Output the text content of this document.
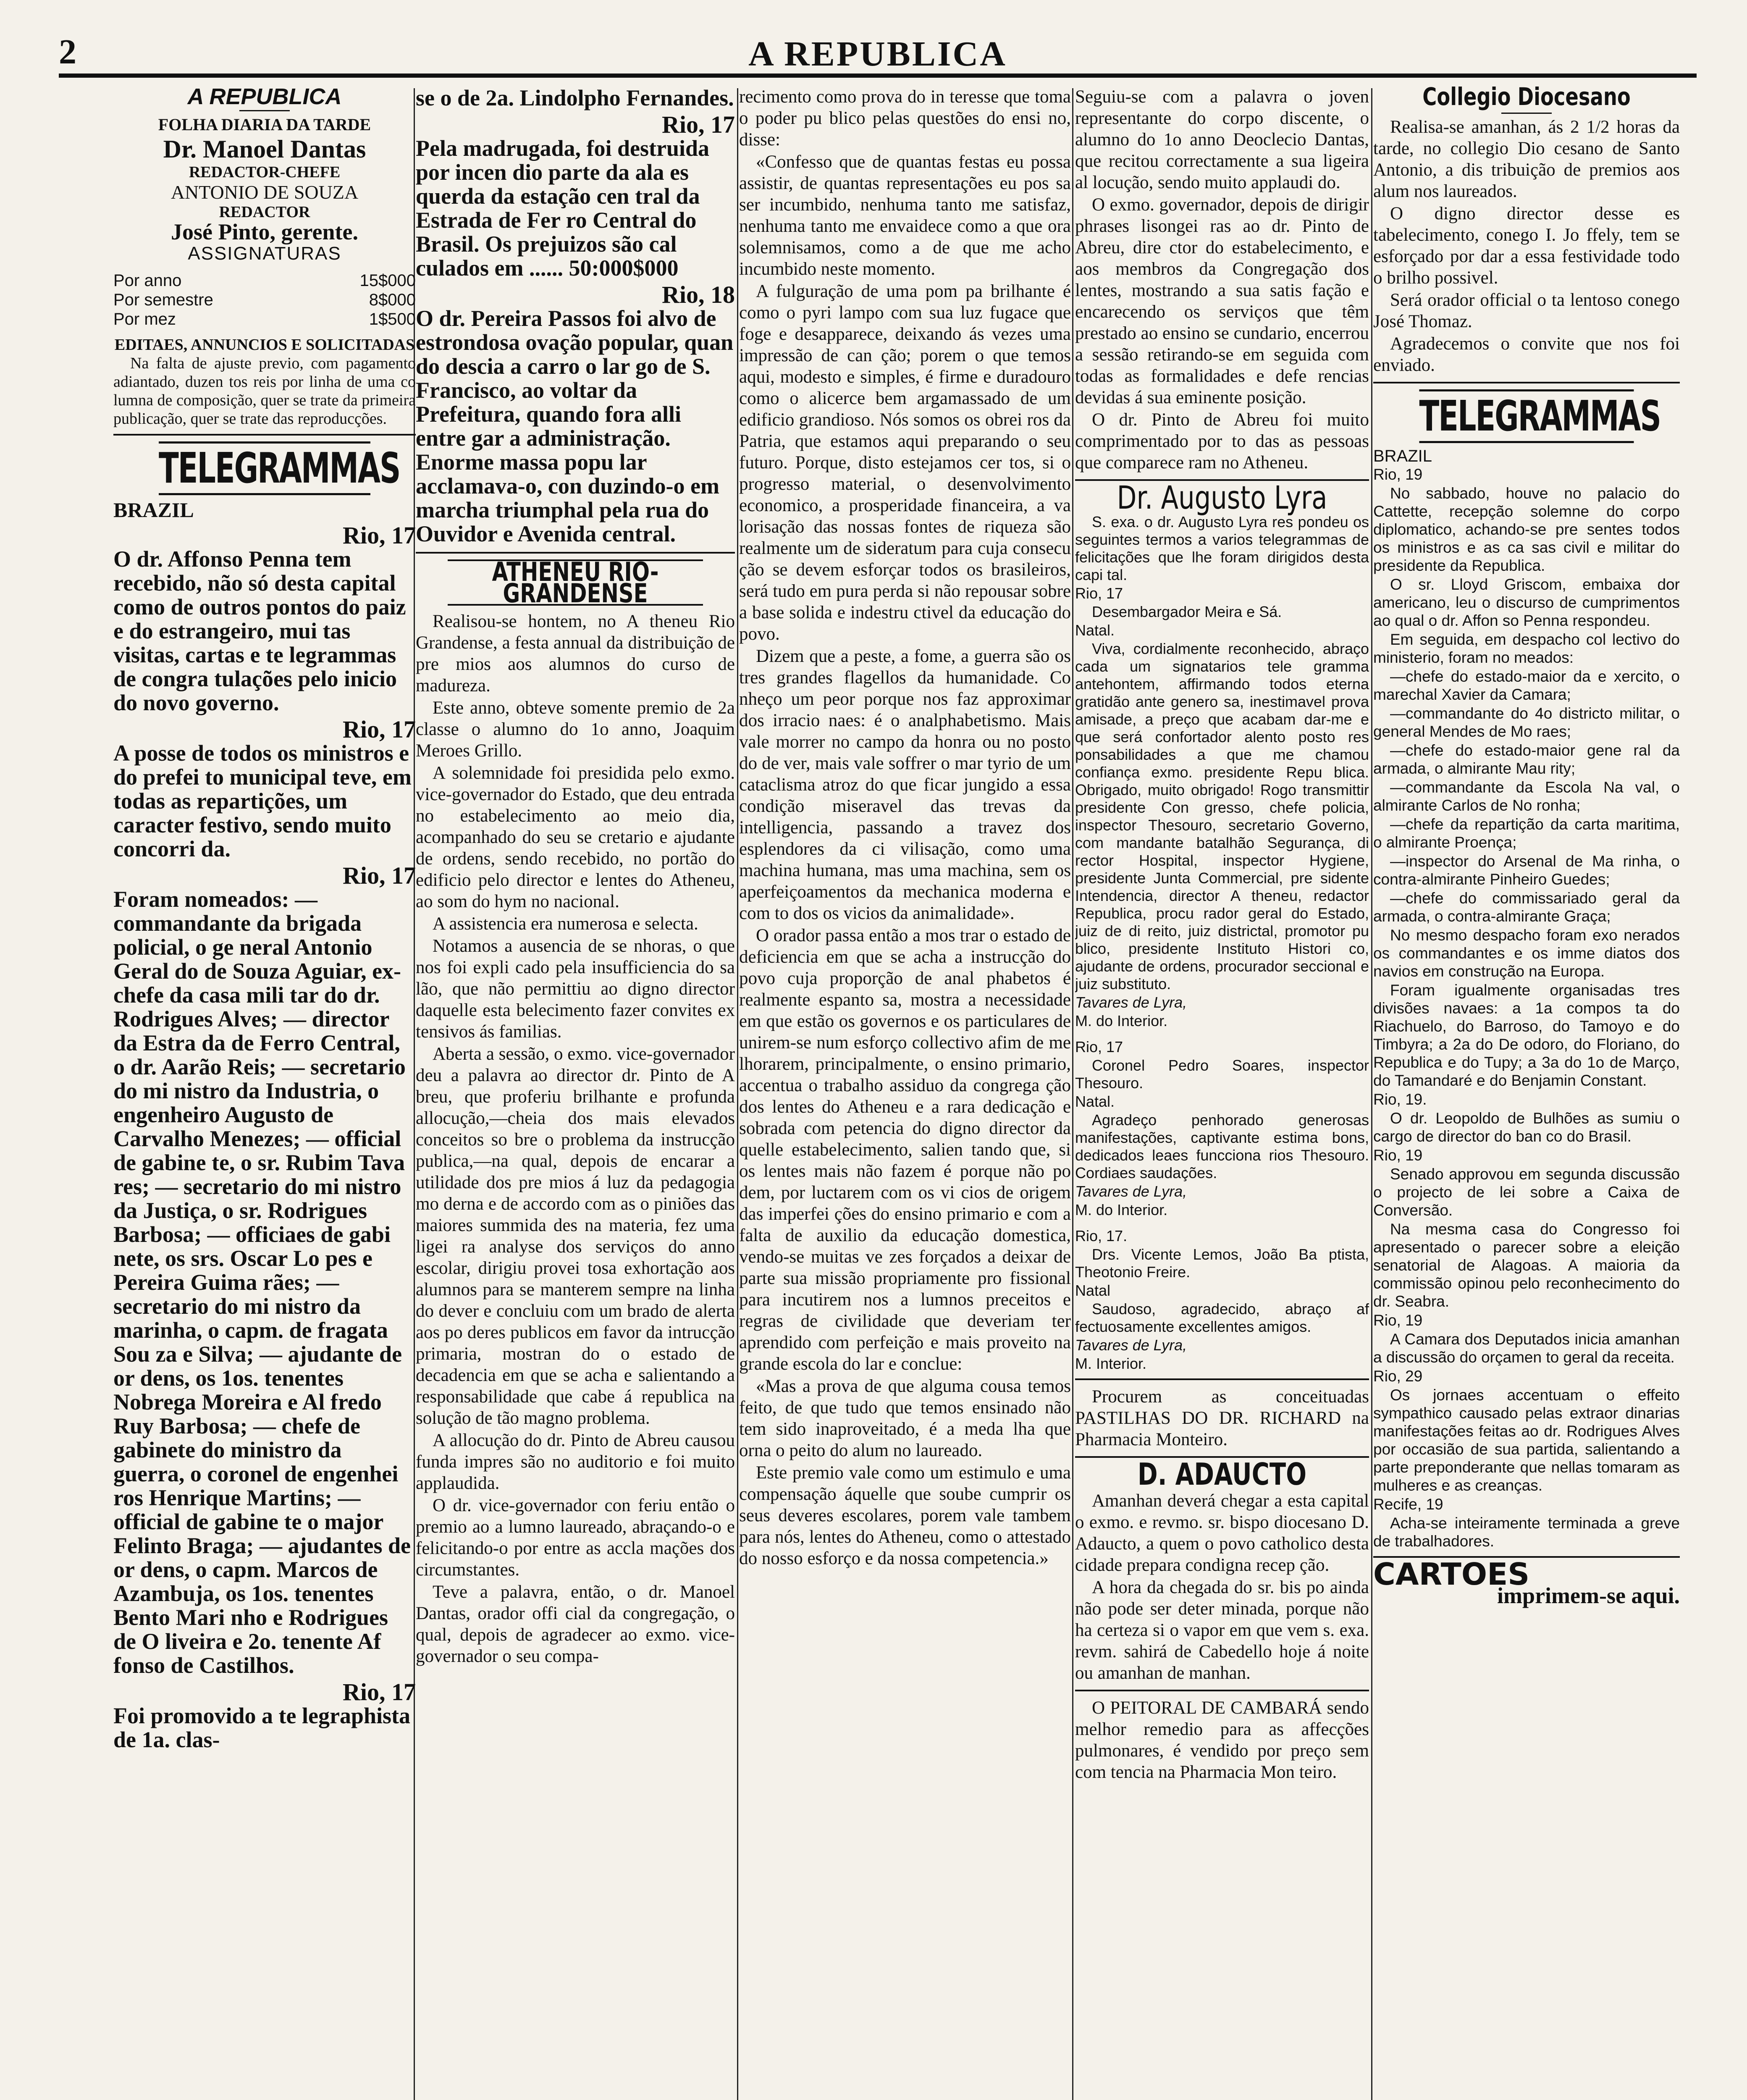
2	A REPUBLICA
A REPUBLICA
FOLHA DIARIA DA TARDE
Dr. Manoel Dantas
REDACTOR-CHEFE
ANTONIO DE SOUZA
REDACTOR
José Pinto, gerente.
ASSIGNATURAS
Por anno	15$000
Por semestre	8$000
Por mez	1$500
EDITAES, ANNUNCIOS E SOLICITADAS

Na falta de ajuste previo, com pagamento adiantado, duzen tos reis por linha de uma co lumna de composição, quer se trate da primeira publicação, quer se trate das reproducções.

TELEGRAMMAS
BRAZIL
Rio, 17

O dr. Affonso Penna tem recebido, não só desta capital como de outros pontos do paiz e do estrangeiro, mui tas visitas, cartas e te legrammas de congra tulações pelo inicio do novo governo.

Rio, 17

A posse de todos os ministros e do prefei to municipal teve, em todas as repartições, um caracter festivo, sendo muito concorri da.

Rio, 17

Foram nomeados: — commandante da brigada policial, o ge neral Antonio Geral do de Souza Aguiar, ex-chefe da casa mili tar do dr. Rodrigues Alves; — director da Estra da de Ferro Central, o dr. Aarão Reis; — secretario do mi nistro da Industria, o engenheiro Augusto de Carvalho Menezes; — official de gabine te, o sr. Rubim Tava res; — secretario do mi nistro da Justiça, o sr. Rodrigues Barbosa; — officiaes de gabi nete, os srs. Oscar Lo pes e Pereira Guima rães; — secretario do mi nistro da marinha, o capm. de fragata Sou za e Silva; — ajudante de or dens, os 1os. tenentes Nobrega Moreira e Al fredo Ruy Barbosa; — chefe de gabinete do ministro da guerra, o coronel de engenhei ros Henrique Martins; — official de gabine te o major Felinto Braga; — ajudantes de or dens, o capm. Marcos de Azambuja, os 1os. tenentes Bento Mari nho e Rodrigues de O liveira e 2o. tenente Af fonso de Castilhos.

Rio, 17

Foi promovido a te legraphista de 1a. clas-

se o de 2a. Lindolpho Fernandes.

Rio, 17

Pela madrugada, foi destruida por incen dio parte da ala es querda da estação cen tral da Estrada de Fer ro Central do Brasil. Os prejuizos são cal culados em ...... 50:000$000

Rio, 18

O dr. Pereira Passos foi alvo de estrondosa ovação popular, quan do descia a carro o lar go de S. Francisco, ao voltar da Prefeitura, quando fora alli entre gar a administração. Enorme massa popu lar acclamava-o, con duzindo-o em marcha triumphal pela rua do Ouvidor e Avenida central.

ATHENEU RIO-GRANDENSE

Realisou-se hontem, no A theneu Rio Grandense, a festa annual da distribuição de pre mios aos alumnos do curso de madureza.

Este anno, obteve somente premio de 2a classe o alumno do 1o anno, Joaquim Meroes Grillo.

A solemnidade foi presidida pelo exmo. vice-governador do Estado, que deu entrada no estabelecimento ao meio dia, acompanhado do seu se cretario e ajudante de ordens, sendo recebido, no portão do edificio pelo director e lentes do Atheneu, ao som do hym no nacional.

A assistencia era numerosa e selecta.

Notamos a ausencia de se nhoras, o que nos foi expli cado pela insufficiencia do sa lão, que não permittiu ao digno director daquelle esta belecimento fazer convites ex tensivos ás familias.

Aberta a sessão, o exmo. vice-governador deu a palavra ao director dr. Pinto de A breu, que proferiu brilhante e profunda allocução,—cheia dos mais elevados conceitos so bre o problema da instrucção publica,—na qual, depois de encarar a utilidade dos pre mios á luz da pedagogia mo derna e de accordo com as o piniões das maiores summida des na materia, fez uma ligei ra analyse dos serviços do anno escolar, dirigiu provei tosa exhortação aos alumnos para se manterem sempre na linha do dever e concluiu com um brado de alerta aos po deres publicos em favor da intrucção primaria, mostran do o estado de decadencia em que se acha e salientando a responsabilidade que cabe á republica na solução de tão magno problema.

A allocução do dr. Pinto de Abreu causou funda impres são no auditorio e foi muito applaudida.

O dr. vice-governador con feriu então o premio ao a lumno laureado, abraçando-o e felicitando-o por entre as accla mações dos circumstantes.

Teve a palavra, então, o dr. Manoel Dantas, orador offi cial da congregação, o qual, depois de agradecer ao exmo. vice-governador o seu compa-

recimento como prova do in teresse que toma o poder pu blico pelas questões do ensi no, disse:

«Confesso que de quantas festas eu possa assistir, de quantas representações eu pos sa ser incumbido, nenhuma tanto me satisfaz, nenhuma tanto me envaidece como a que ora solemnisamos, como a de que me acho incumbido neste momento.

A fulguração de uma pom pa brilhante é como o pyri lampo com sua luz fugace que foge e desapparece, deixando ás vezes uma impressão de can ção; porem o que temos aqui, modesto e simples, é firme e duradouro como o alicerce bem argamassado de um edificio grandioso. Nós somos os obrei ros da Patria, que estamos aqui preparando o seu futuro. Porque, disto estejamos cer tos, si o progresso material, o desenvolvimento economico, a prosperidade financeira, a va lorisação das nossas fontes de riqueza são realmente um de sideratum para cuja consecu ção se devem esforçar todos os brasileiros, será tudo em pura perda si não repousar sobre a base solida e indestru ctivel da educação do povo.

Dizem que a peste, a fome, a guerra são os tres grandes flagellos da humanidade. Co nheço um peor porque nos faz approximar dos irracio naes: é o analphabetismo. Mais vale morrer no campo da honra ou no posto do de ver, mais vale soffrer o mar tyrio de um cataclisma atroz do que ficar jungido a essa condição miseravel das trevas da intelligencia, passando a travez dos esplendores da ci vilisação, como uma machina humana, mas uma machina, sem os aperfeiçoamentos da mechanica moderna e com to dos os vicios da animalidade».

O orador passa então a mos trar o estado de deficiencia em que se acha a instrucção do povo cuja proporção de anal phabetos é realmente espanto sa, mostra a necessidade em que estão os governos e os particulares de unirem-se num esforço collectivo afim de me lhorarem, principalmente, o ensino primario, accentua o trabalho assiduo da congrega ção dos lentes do Atheneu e a rara dedicação e sobrada com petencia do digno director da quelle estabelecimento, salien tando que, si os lentes mais não fazem é porque não po dem, por luctarem com os vi cios de origem das imperfei ções do ensino primario e com a falta de auxilio da educação domestica, vendo-se muitas ve zes forçados a deixar de parte sua missão propriamente pro fissional para incutirem nos a lumnos preceitos e regras de civilidade que deveriam ter aprendido com perfeição e mais proveito na grande escola do lar e conclue:

«Mas a prova de que alguma cousa temos feito, de que tudo que temos ensinado não tem sido inaproveitado, é a meda lha que orna o peito do alum no laureado.

Este premio vale como um estimulo e uma compensação áquelle que soube cumprir os seus deveres escolares, porem vale tambem para nós, lentes do Atheneu, como o attestado do nosso esforço e da nossa competencia.»

Seguiu-se com a palavra o joven representante do corpo discente, o alumno do 1o anno Deoclecio Dantas, que recitou correctamente a sua ligeira al locução, sendo muito applaudi do.

O exmo. governador, depois de dirigir phrases lisongei ras ao dr. Pinto de Abreu, dire ctor do estabelecimento, e aos membros da Congregação dos lentes, mostrando a sua satis fação e encarecendo os serviços que têm prestado ao ensino se cundario, encerrou a sessão retirando-se em seguida com todas as formalidades e defe rencias devidas á sua eminente posição.

O dr. Pinto de Abreu foi muito comprimentado por to das as pessoas que comparece ram no Atheneu.

Dr. Augusto Lyra

S. exa. o dr. Augusto Lyra res pondeu os seguintes termos a varios telegrammas de felicitações que lhe foram dirigidos desta capi tal.

Rio, 17

Desembargador Meira e Sá.

Natal.

Viva, cordialmente reconhecido, abraço cada um signatarios tele gramma antehontem, affirmando todos eterna gratidão ante genero sa, inestimavel prova amisade, a preço que acabam dar-me e que será confortador alento posto res ponsabilidades a que me chamou confiança exmo. presidente Repu blica. Obrigado, muito obrigado! Rogo transmittir presidente Con gresso, chefe policia, inspector Thesouro, secretario Governo, com mandante batalhão Segurança, di rector Hospital, inspector Hygiene, presidente Junta Commercial, pre sidente Intendencia, director A theneu, redactor Republica, procu rador geral do Estado, juiz de di reito, juiz districtal, promotor pu blico, presidente Instituto Histori co, ajudante de ordens, procurador seccional e juiz substituto.

Tavares de Lyra,

M. do Interior.

Rio, 17

Coronel Pedro Soares, inspector Thesouro.

Natal.

Agradeço penhorado generosas manifestações, captivante estima bons, dedicados leaes funcciona rios Thesouro. Cordiaes saudações.

Tavares de Lyra,

M. do Interior.

Rio, 17.

Drs. Vicente Lemos, João Ba ptista, Theotonio Freire.

Natal

Saudoso, agradecido, abraço af fectuosamente excellentes amigos.

Tavares de Lyra,

M. Interior.

Procurem as conceituadas PASTILHAS DO DR. RICHARD na Pharmacia Monteiro.

D. ADAUCTO

Amanhan deverá chegar a esta capital o exmo. e revmo. sr. bispo diocesano D. Adaucto, a quem o povo catholico desta cidade prepara condigna recep ção.

A hora da chegada do sr. bis po ainda não pode ser deter minada, porque não ha certeza si o vapor em que vem s. exa. revm. sahirá de Cabedello hoje á noite ou amanhan de manhan.

O PEITORAL DE CAMBARÁ sendo melhor remedio para as affecções pulmonares, é vendido por preço sem com tencia na Pharmacia Mon teiro.

Collegio Diocesano

Realisa-se amanhan, ás 2 1/2 horas da tarde, no collegio Dio cesano de Santo Antonio, a dis tribuição de premios aos alum nos laureados.

O digno director desse es tabelecimento, conego I. Jo ffely, tem se esforçado por dar a essa festividade todo o brilho possivel.

Será orador official o ta lentoso conego José Thomaz.

Agradecemos o convite que nos foi enviado.

TELEGRAMMAS
BRAZIL

Rio, 19

No sabbado, houve no palacio do Cattette, recepção solemne do corpo diplomatico, achando-se pre sentes todos os ministros e as ca sas civil e militar do presidente da Republica.

O sr. Lloyd Griscom, embaixa dor americano, leu o discurso de cumprimentos ao qual o dr. Affon so Penna respondeu.

Em seguida, em despacho col lectivo do ministerio, foram no meados:

—chefe do estado-maior da e xercito, o marechal Xavier da Camara;

—commandante do 4o districto militar, o general Mendes de Mo raes;

—chefe do estado-maior gene ral da armada, o almirante Mau rity;

—commandante da Escola Na val, o almirante Carlos de No ronha;

—chefe da repartição da carta maritima, o almirante Proença;

—inspector do Arsenal de Ma rinha, o contra-almirante Pinheiro Guedes;

—chefe do commissariado geral da armada, o contra-almirante Graça;

No mesmo despacho foram exo nerados os commandantes e os imme diatos dos navios em construção na Europa.

Foram igualmente organisadas tres divisões navaes: a 1a compos ta do Riachuelo, do Barroso, do Tamoyo e do Timbyra; a 2a do De odoro, do Floriano, do Republica e do Tupy; a 3a do 1o de Março, do Tamandaré e do Benjamin Constant.

Rio, 19.

O dr. Leopoldo de Bulhões as sumiu o cargo de director do ban co do Brasil.

Rio, 19

Senado approvou em segunda discussão o projecto de lei sobre a Caixa de Conversão.

Na mesma casa do Congresso foi apresentado o parecer sobre a eleição senatorial de Alagoas. A maioria da commissão opinou pelo reconhecimento do dr. Seabra.

Rio, 19

A Camara dos Deputados inicia amanhan a discussão do orçamen to geral da receita.

Rio, 29

Os jornaes accentuam o effeito sympathico causado pelas extraor dinarias manifestações feitas ao dr. Rodrigues Alves por occasião de sua partida, salientando a parte preponderante que nellas tomaram as mulheres e as creanças.

Recife, 19

Acha-se inteiramente terminada a greve de trabalhadores.

CARTOES
imprimem-se aqui.
